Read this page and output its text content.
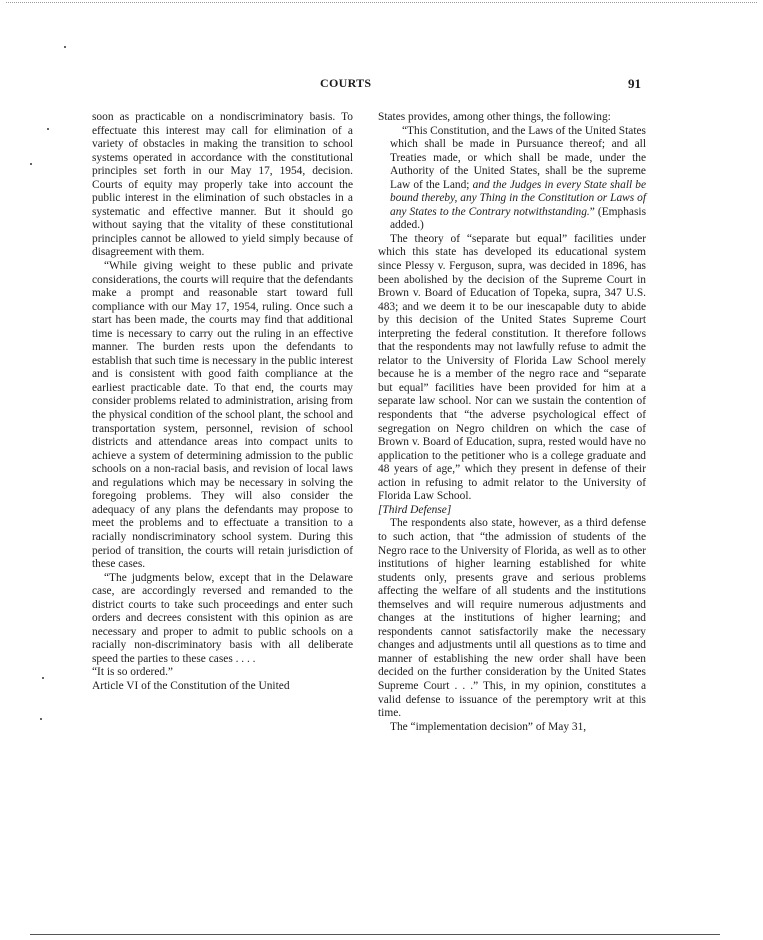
COURTS	91

soon as practicable on a nondiscriminatory basis. To effectuate this interest may call for elimination of a variety of obstacles in making the transition to school systems operated in accordance with the constitutional principles set forth in our May 17, 1954, decision. Courts of equity may properly take into account the public interest in the elimination of such obstacles in a systematic and effective manner. But it should go without saying that the vitality of these constitutional principles cannot be allowed to yield simply because of disagreement with them.

“While giving weight to these public and private considerations, the courts will require that the defendants make a prompt and reasonable start toward full compliance with our May 17, 1954, ruling. Once such a start has been made, the courts may find that additional time is necessary to carry out the ruling in an effective manner. The burden rests upon the defendants to establish that such time is necessary in the public interest and is consistent with good faith compliance at the earliest practicable date. To that end, the courts may consider problems related to administration, arising from the physical condition of the school plant, the school and transportation system, personnel, revision of school districts and attendance areas into compact units to achieve a system of determining admission to the public schools on a non-racial basis, and revision of local laws and regulations which may be necessary in solving the foregoing problems. They will also consider the adequacy of any plans the defendants may propose to meet the problems and to effectuate a transition to a racially nondiscriminatory school system. During this period of transition, the courts will retain jurisdiction of these cases.

“The judgments below, except that in the Delaware case, are accordingly reversed and remanded to the district courts to take such proceedings and enter such orders and decrees consistent with this opinion as are necessary and proper to admit to public schools on a racially non-discriminatory basis with all deliberate speed the parties to these cases . . . .

“It is so ordered.”

Article VI of the Constitution of the United

States provides, among other things, the following:

“This Constitution, and the Laws of the United States which shall be made in Pursuance thereof; and all Treaties made, or which shall be made, under the Authority of the United States, shall be the supreme Law of the Land; and the Judges in every State shall be bound thereby, any Thing in the Constitution or Laws of any States to the Contrary notwithstanding.” (Emphasis added.)

The theory of “separate but equal” facilities under which this state has developed its educational system since Plessy v. Ferguson, supra, was decided in 1896, has been abolished by the decision of the Supreme Court in Brown v. Board of Education of Topeka, supra, 347 U.S. 483; and we deem it to be our inescapable duty to abide by this decision of the United States Supreme Court interpreting the federal constitution. It therefore follows that the respondents may not lawfully refuse to admit the relator to the University of Florida Law School merely because he is a member of the negro race and “separate but equal” facilities have been provided for him at a separate law school. Nor can we sustain the contention of respondents that “the adverse psychological effect of segregation on Negro children on which the case of Brown v. Board of Education, supra, rested would have no application to the petitioner who is a college graduate and 48 years of age,” which they present in defense of their action in refusing to admit relator to the University of Florida Law School.

[Third Defense]

The respondents also state, however, as a third defense to such action, that “the admission of students of the Negro race to the University of Florida, as well as to other institutions of higher learning established for white students only, presents grave and serious problems affecting the welfare of all students and the institutions themselves and will require numerous adjustments and changes at the institutions of higher learning; and respondents cannot satisfactorily make the necessary changes and adjustments until all questions as to time and manner of establishing the new order shall have been decided on the further consideration by the United States Supreme Court . . .” This, in my opinion, constitutes a valid defense to issuance of the peremptory writ at this time.

The “implementation decision” of May 31,
